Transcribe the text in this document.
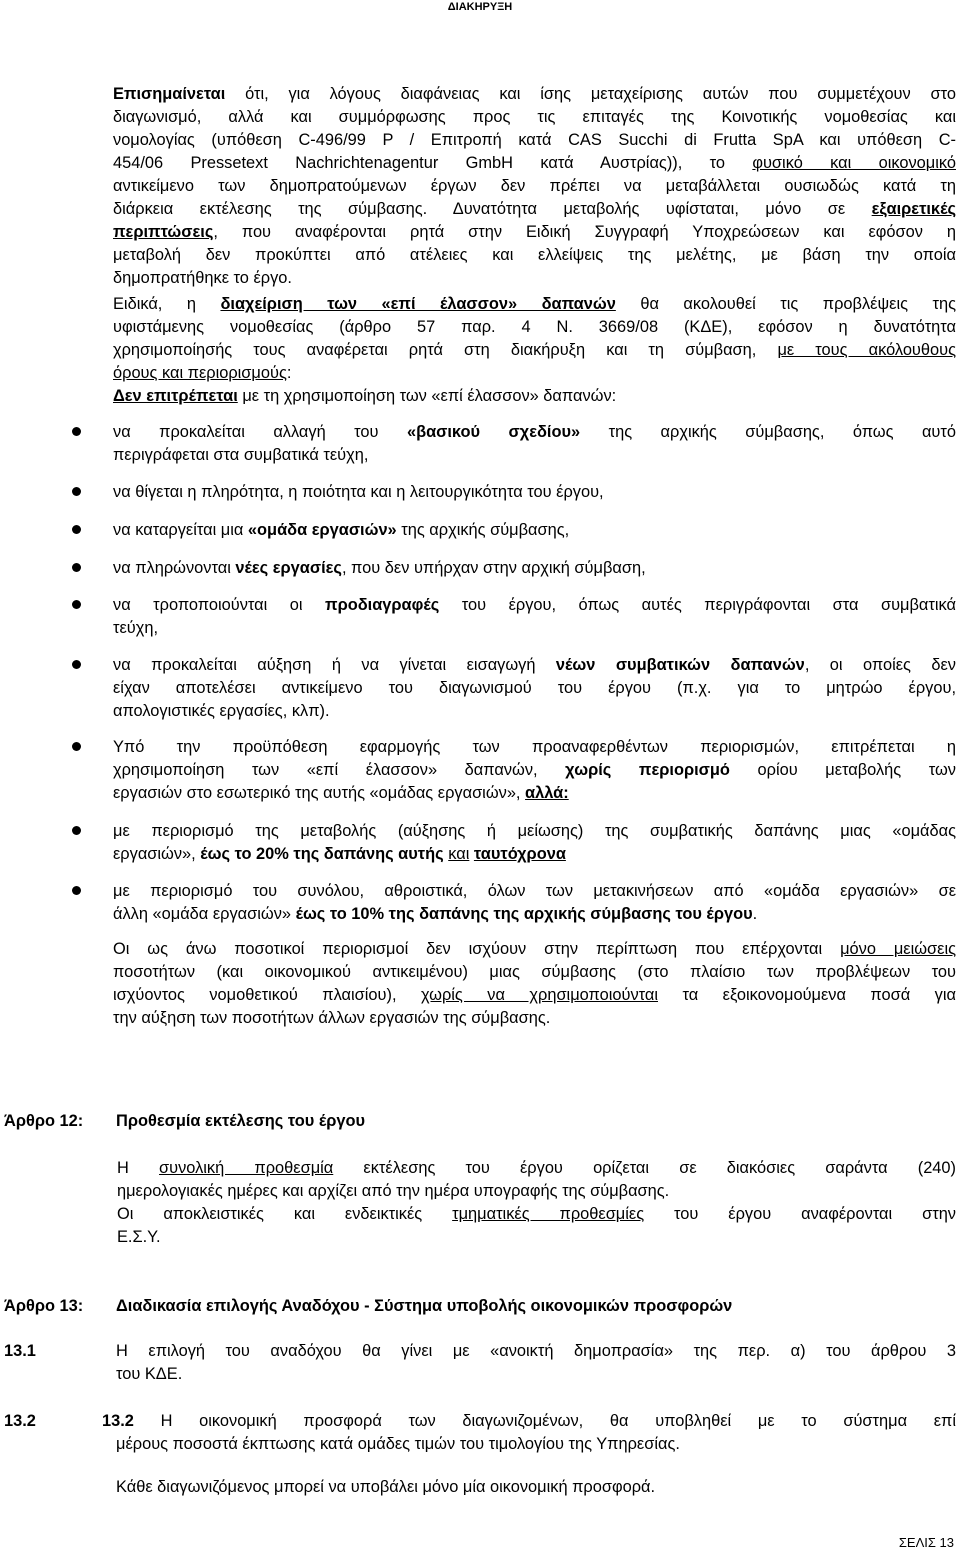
ΔΙΑΚΗΡΥΞΗ
Επισημαίνεται ότι, για λόγους διαφάνειας και ίσης μεταχείρισης αυτών που συμμετέχουν στο
διαγωνισμό, αλλά και συμμόρφωσης προς τις επιταγές της Κοινοτικής νομοθεσίας και
νομολογίας (υπόθεση C-496/99 P / Επιτροπή κατά CAS Succhi di Frutta SpA και υπόθεση C-
454/06 Pressetext Nachrichtenagentur GmbH κατά Αυστρίας)), το φυσικό και οικονομικό
αντικείμενο των δημοπρατούμενων έργων δεν πρέπει να μεταβάλλεται ουσιωδώς κατά τη
διάρκεια εκτέλεσης της σύμβασης. Δυνατότητα μεταβολής υφίσταται, μόνο σε εξαιρετικές
περιπτώσεις, που αναφέρονται ρητά στην Ειδική Συγγραφή Υποχρεώσεων και εφόσον η
μεταβολή δεν προκύπτει από ατέλειες και ελλείψεις της μελέτης, με βάση την οποία
δημοπρατήθηκε το έργο.
Ειδικά, η διαχείριση των «επί έλασσον» δαπανών θα ακολουθεί τις προβλέψεις της
υφιστάμενης νομοθεσίας (άρθρο 57 παρ. 4 Ν. 3669/08 (ΚΔΕ), εφόσον η δυνατότητα
χρησιμοποίησής τους αναφέρεται ρητά στη διακήρυξη και τη σύμβαση, με τους ακόλουθους
όρους και περιορισμούς:
Δεν επιτρέπεται με τη χρησιμοποίηση των «επί έλασσον» δαπανών:
να προκαλείται αλλαγή του «βασικού σχεδίου» της αρχικής σύμβασης, όπως αυτό
περιγράφεται στα συμβατικά τεύχη,
να θίγεται η πληρότητα, η ποιότητα και η λειτουργικότητα του έργου,
να καταργείται μια «ομάδα εργασιών» της αρχικής σύμβασης,
να πληρώνονται νέες εργασίες, που δεν υπήρχαν στην αρχική σύμβαση,
να τροποποιούνται οι προδιαγραφές του έργου, όπως αυτές περιγράφονται στα συμβατικά
τεύχη,
να προκαλείται αύξηση ή να γίνεται εισαγωγή νέων συμβατικών δαπανών, οι οποίες δεν
είχαν αποτελέσει αντικείμενο του διαγωνισμού του έργου (π.χ. για το μητρώο έργου,
απολογιστικές εργασίες, κλπ).
Υπό την προϋπόθεση εφαρμογής των προαναφερθέντων περιορισμών, επιτρέπεται η
χρησιμοποίηση των «επί έλασσον» δαπανών, χωρίς περιορισμό ορίου μεταβολής των
εργασιών στο εσωτερικό της αυτής «ομάδας εργασιών», αλλά:
με περιορισμό της μεταβολής (αύξησης ή μείωσης) της συμβατικής δαπάνης μιας «ομάδας
εργασιών», έως το 20% της δαπάνης αυτής και ταυτόχρονα
με περιορισμό του συνόλου, αθροιστικά, όλων των μετακινήσεων από «ομάδα εργασιών» σε
άλλη «ομάδα εργασιών» έως το 10% της δαπάνης της αρχικής σύμβασης του έργου.
Οι ως άνω ποσοτικοί περιορισμοί δεν ισχύουν στην περίπτωση που επέρχονται μόνο μειώσεις
ποσοτήτων (και οικονομικού αντικειμένου) μιας σύμβασης (στο πλαίσιο των προβλέψεων του
ισχύοντος νομοθετικού πλαισίου), χωρίς να χρησιμοποιούνται τα εξοικονομούμενα ποσά για
την αύξηση των ποσοτήτων άλλων εργασιών της σύμβασης.
Άρθρο 12: Προθεσμία εκτέλεσης του έργου
Η συνολική προθεσμία εκτέλεσης του έργου ορίζεται σε διακόσιες σαράντα (240)
ημερολογιακές ημέρες και αρχίζει από την ημέρα υπογραφής της σύμβασης.
Οι αποκλειστικές και ενδεικτικές τμηματικές προθεσμίες του έργου αναφέρονται στην
Ε.Σ.Υ.
Άρθρο 13: Διαδικασία επιλογής Αναδόχου - Σύστημα υποβολής οικονομικών προσφορών
13.1	Η επιλογή του αναδόχου θα γίνει με «ανοικτή δημοπρασία» της περ. α) του άρθρου 3
του ΚΔΕ.
13.2	13.2 Η οικονομική προσφορά των διαγωνιζομένων, θα υποβληθεί με το σύστημα επί
μέρους ποσοστά έκπτωσης κατά ομάδες τιμών του τιμολογίου της Υπηρεσίας.
Κάθε διαγωνιζόμενος μπορεί να υποβάλει μόνο μία οικονομική προσφορά.
ΣΕΛΙΣ 13
